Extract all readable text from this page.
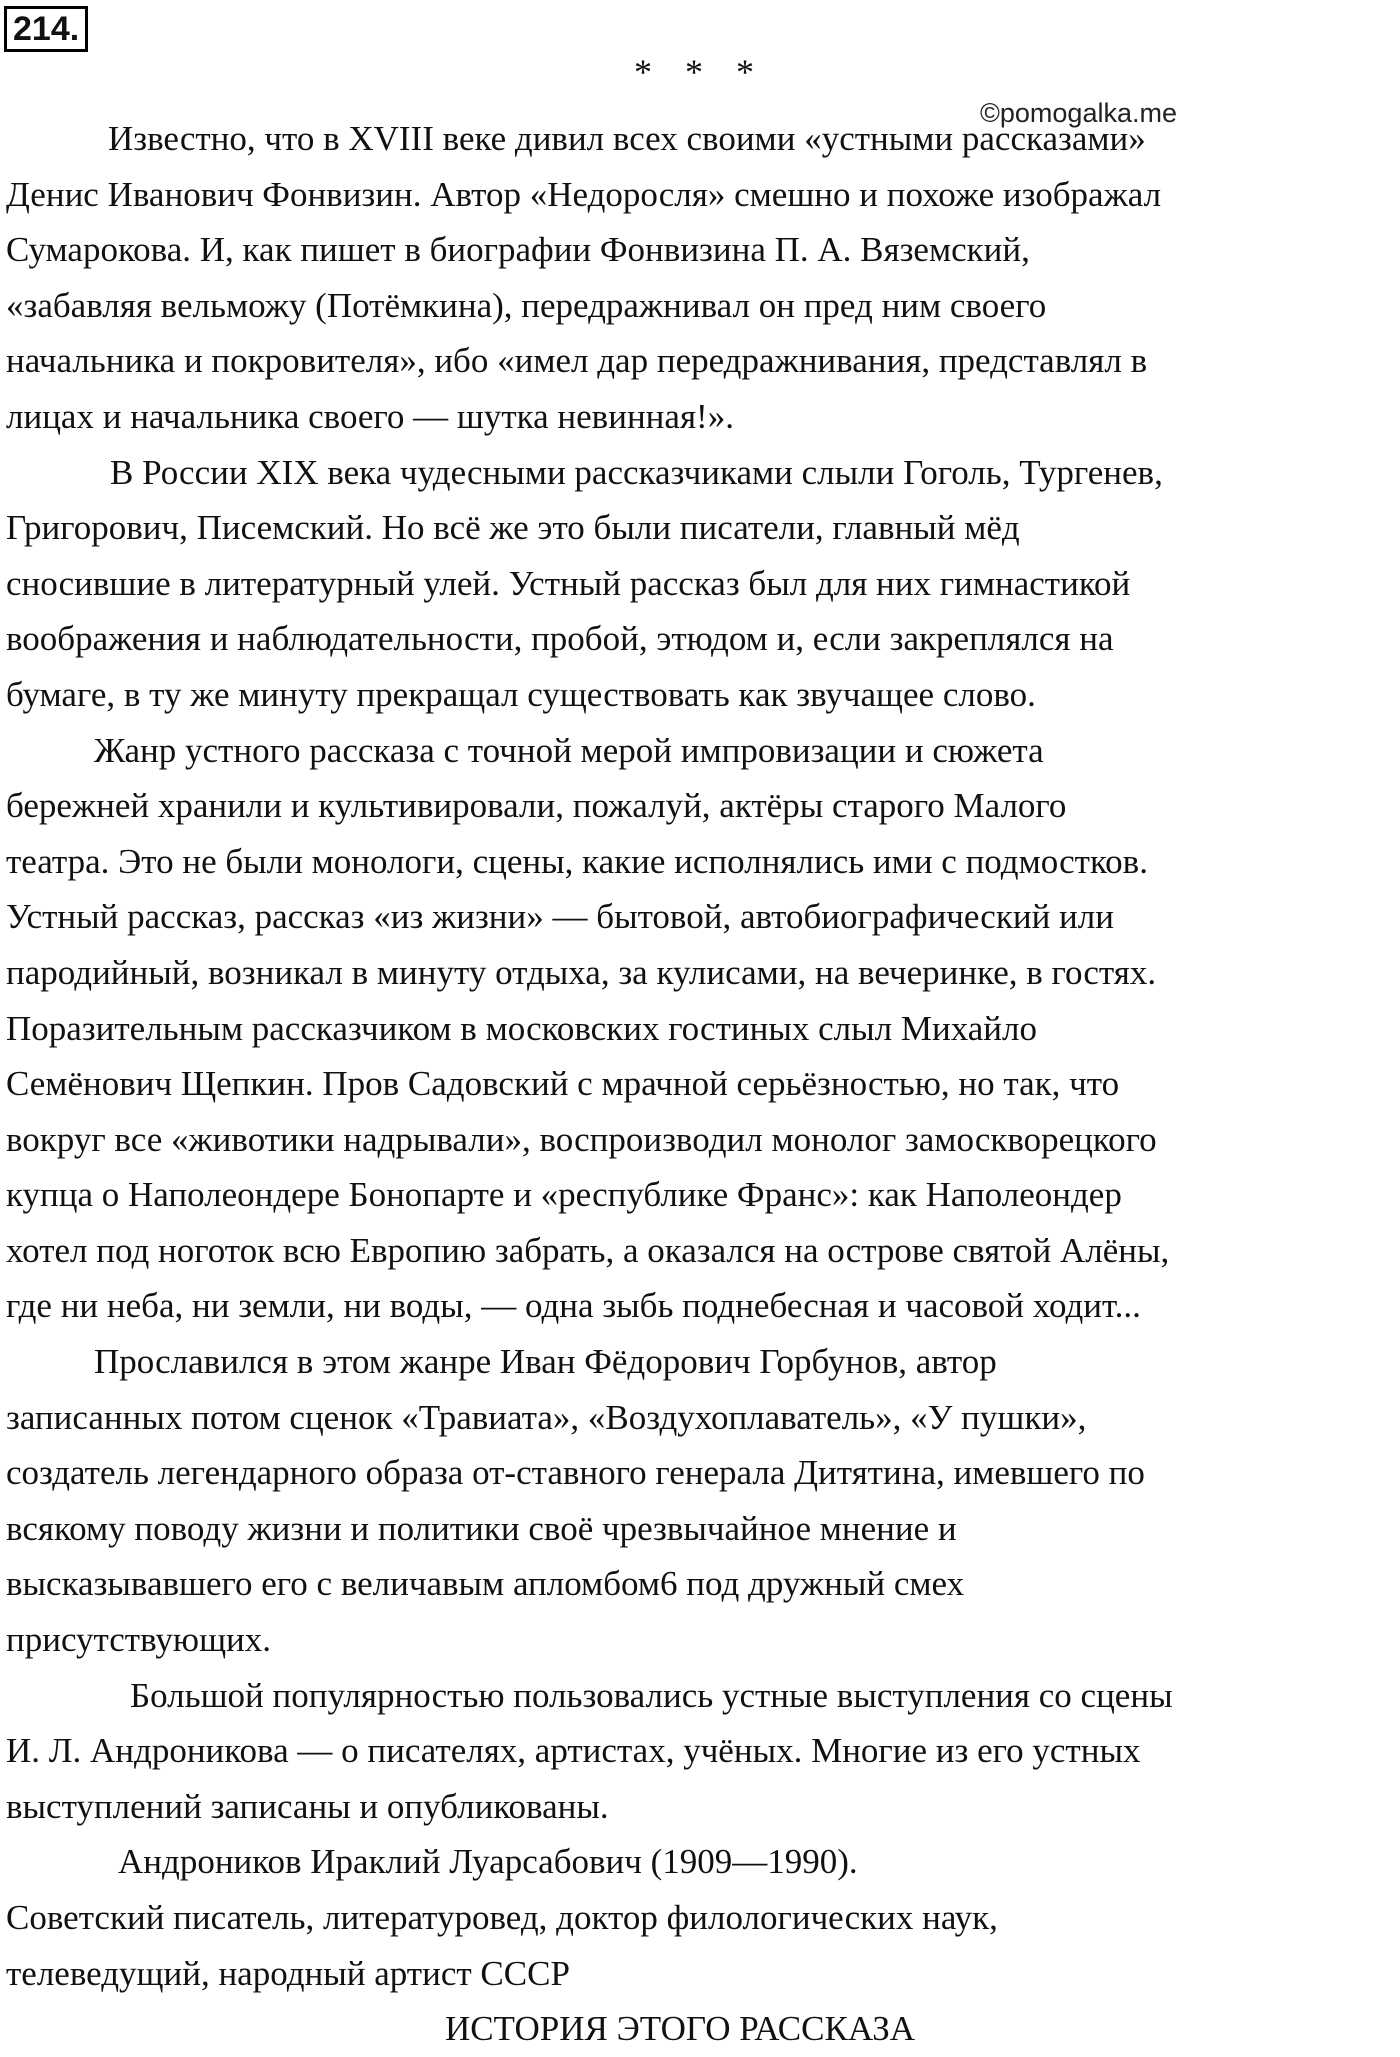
214.
* * *
©pomogalka.me
Известно, что в XVIII веке дивил всех своими «устными рассказами»
Денис Иванович Фонвизин. Автор «Недоросля» смешно и похоже изображал
Сумарокова. И, как пишет в биографии Фонвизина П. А. Вяземский,
«забавляя вельможу (Потёмкина), передражнивал он пред ним своего
начальника и покровителя», ибо «имел дар передражнивания, представлял в
лицах и начальника своего — шутка невинная!».
В России XIX века чудесными рассказчиками слыли Гоголь, Тургенев,
Григорович, Писемский. Но всё же это были писатели, главный мёд
сносившие в литературный улей. Устный рассказ был для них гимнастикой
воображения и наблюдательности, пробой, этюдом и, если закреплялся на
бумаге, в ту же минуту прекращал существовать как звучащее слово.
Жанр устного рассказа с точной мерой импровизации и сюжета
бережней хранили и культивировали, пожалуй, актёры старого Малого
театра. Это не были монологи, сцены, какие исполнялись ими с подмостков.
Устный рассказ, рассказ «из жизни» — бытовой, автобиографический или
пародийный, возникал в минуту отдыха, за кулисами, на вечеринке, в гостях.
Поразительным рассказчиком в московских гостиных слыл Михайло
Семёнович Щепкин. Пров Садовский с мрачной серьёзностью, но так, что
вокруг все «животики надрывали», воспроизводил монолог замоскворецкого
купца о Наполеондере Бонопарте и «республике Франс»: как Наполеондер
хотел под ноготок всю Европию забрать, а оказался на острове святой Алёны,
где ни неба, ни земли, ни воды, — одна зыбь поднебесная и часовой ходит...
Прославился в этом жанре Иван Фёдорович Горбунов, автор
записанных потом сценок «Травиата», «Воздухоплаватель», «У пушки»,
создатель легендарного образа от-ставного генерала Дитятина, имевшего по
всякому поводу жизни и политики своё чрезвычайное мнение и
высказывавшего его с величавым апломбом6 под дружный смех
присутствующих.
Большой популярностью пользовались устные выступления со сцены
И. Л. Андроникова — о писателях, артистах, учёных. Многие из его устных
выступлений записаны и опубликованы.
Андроников Ираклий Луарсабович (1909—1990).
Советский писатель, литературовед, доктор филологических наук,
телеведущий, народный артист СССР
ИСТОРИЯ ЭТОГО РАССКАЗА
